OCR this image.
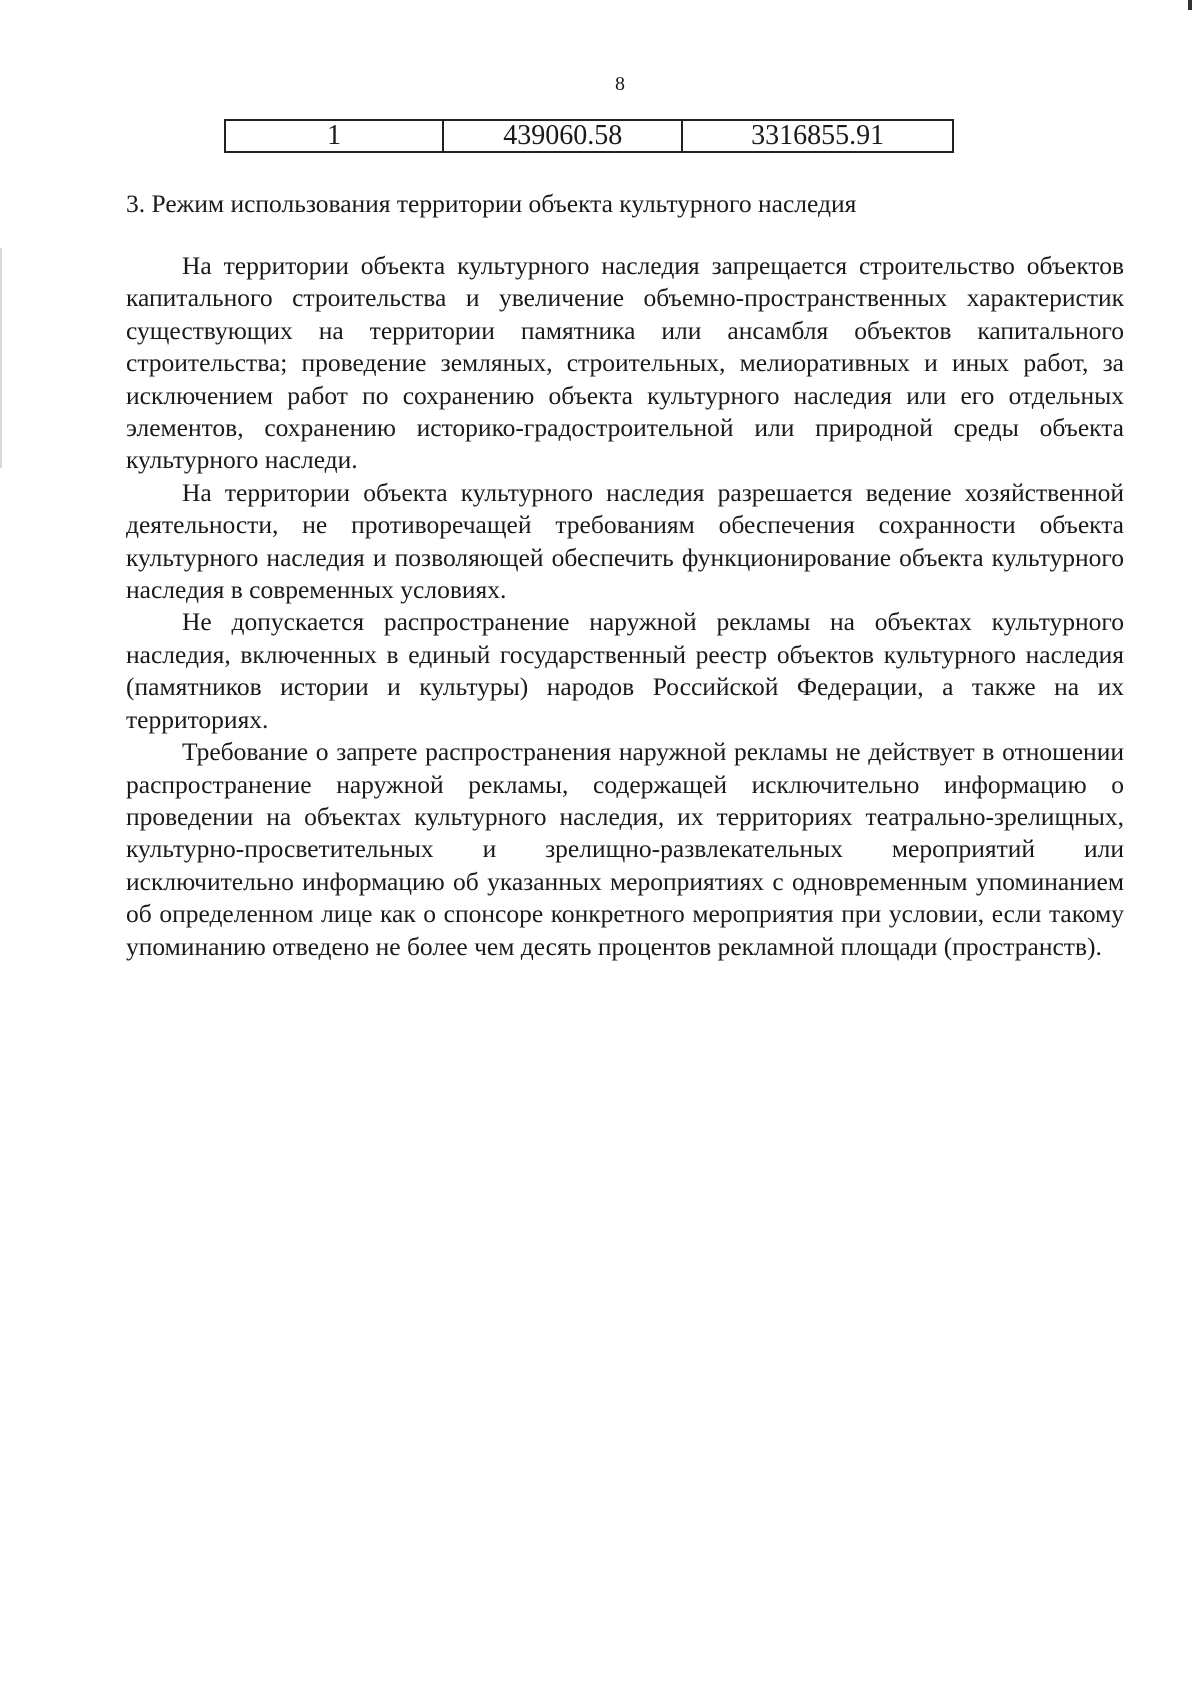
8
1	439060.58	3316855.91
3. Режим использования территории объекта культурного наследия

На территории объекта культурного наследия запрещается строительство объектов капитального строительства и увеличение объемно-пространственных характеристик существующих на территории памятника или ансамбля объектов капитального строительства; проведение земляных, строительных, мелиоративных и иных работ, за исключением работ по сохранению объекта культурного наследия или его отдельных элементов, сохранению историко-градостроительной или природной среды объекта культурного наследи.

На территории объекта культурного наследия разрешается ведение хозяйственной деятельности, не противоречащей требованиям обеспечения сохранности объекта культурного наследия и позволяющей обеспечить функционирование объекта культурного наследия в современных условиях.

Не допускается распространение наружной рекламы на объектах культурного наследия, включенных в единый государственный реестр объектов культурного наследия (памятников истории и культуры) народов Российской Федерации, а также на их территориях.

Требование о запрете распространения наружной рекламы не действует в отношении распространение наружной рекламы, содержащей исключительно информацию о проведении на объектах культурного наследия, их территориях театрально-зрелищных, культурно-просветительных и зрелищно-развлекательных мероприятий или исключительно информацию об указанных мероприятиях с одновременным упоминанием об определенном лице как о спонсоре конкретного мероприятия при условии, если такому упоминанию отведено не более чем десять процентов рекламной площади (пространств).
